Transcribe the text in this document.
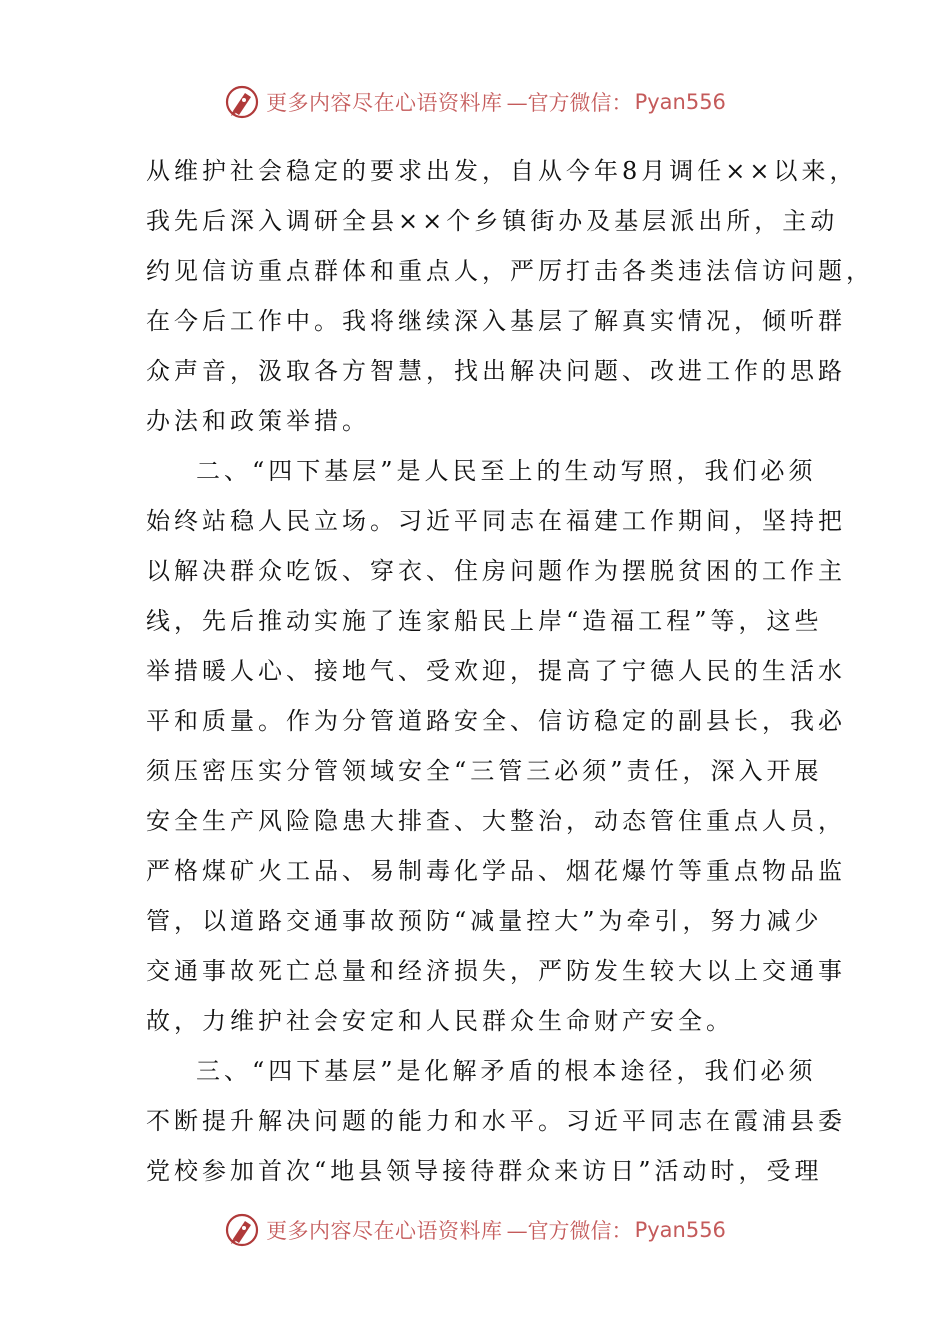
更多内容尽在心语资料库 —官方微信： Pyan556
从维护社会稳定的要求出发，自从今年8月调任××以来，
我先后深入调研全县××个乡镇街办及基层派出所，主动
约见信访重点群体和重点人，严厉打击各类违法信访问题，
在今后工作中。我将继续深入基层了解真实情况，倾听群
众声音，汲取各方智慧，找出解决问题、改进工作的思路
办法和政策举措。
二、“四下基层”是人民至上的生动写照，我们必须
始终站稳人民立场。习近平同志在福建工作期间，坚持把
以解决群众吃饭、穿衣、住房问题作为摆脱贫困的工作主
线，先后推动实施了连家船民上岸“造福工程”等，这些
举措暖人心、接地气、受欢迎，提高了宁德人民的生活水
平和质量。作为分管道路安全、信访稳定的副县长，我必
须压密压实分管领域安全“三管三必须”责任，深入开展
安全生产风险隐患大排查、大整治，动态管住重点人员，
严格煤矿火工品、易制毒化学品、烟花爆竹等重点物品监
管，以道路交通事故预防“减量控大”为牵引，努力减少
交通事故死亡总量和经济损失，严防发生较大以上交通事
故，力维护社会安定和人民群众生命财产安全。
三、“四下基层”是化解矛盾的根本途径，我们必须
不断提升解决问题的能力和水平。习近平同志在霞浦县委
党校参加首次“地县领导接待群众来访日”活动时，受理
更多内容尽在心语资料库 —官方微信： Pyan556
